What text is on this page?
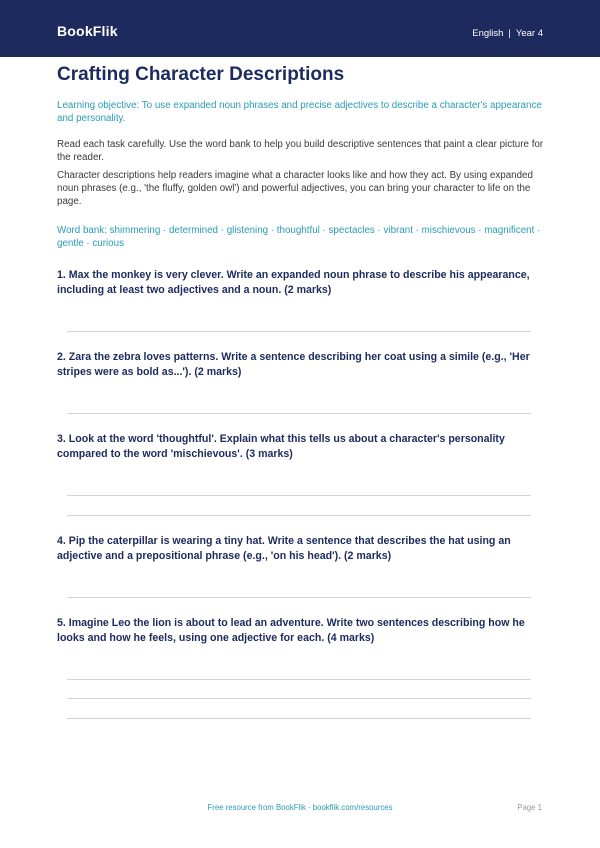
BookFlik	English | Year 4
Crafting Character Descriptions

Learning objective: To use expanded noun phrases and precise adjectives to describe a character's appearance and personality.

Read each task carefully. Use the word bank to help you build descriptive sentences that paint a clear picture for the reader.

Character descriptions help readers imagine what a character looks like and how they act. By using expanded noun phrases (e.g., 'the fluffy, golden owl') and powerful adjectives, you can bring your character to life on the page.

Word bank: shimmering · determined · glistening · thoughtful · spectacles · vibrant · mischievous · magnificent · gentle · curious

1. Max the monkey is very clever. Write an expanded noun phrase to describe his appearance, including at least two adjectives and a noun. (2 marks)

2. Zara the zebra loves patterns. Write a sentence describing her coat using a simile (e.g., 'Her stripes were as bold as...'). (2 marks)

3. Look at the word 'thoughtful'. Explain what this tells us about a character's personality compared to the word 'mischievous'. (3 marks)

4. Pip the caterpillar is wearing a tiny hat. Write a sentence that describes the hat using an adjective and a prepositional phrase (e.g., 'on his head'). (2 marks)

5. Imagine Leo the lion is about to lead an adventure. Write two sentences describing how he looks and how he feels, using one adjective for each. (4 marks)

Free resource from BookFlik · bookflik.com/resources	Page 1
